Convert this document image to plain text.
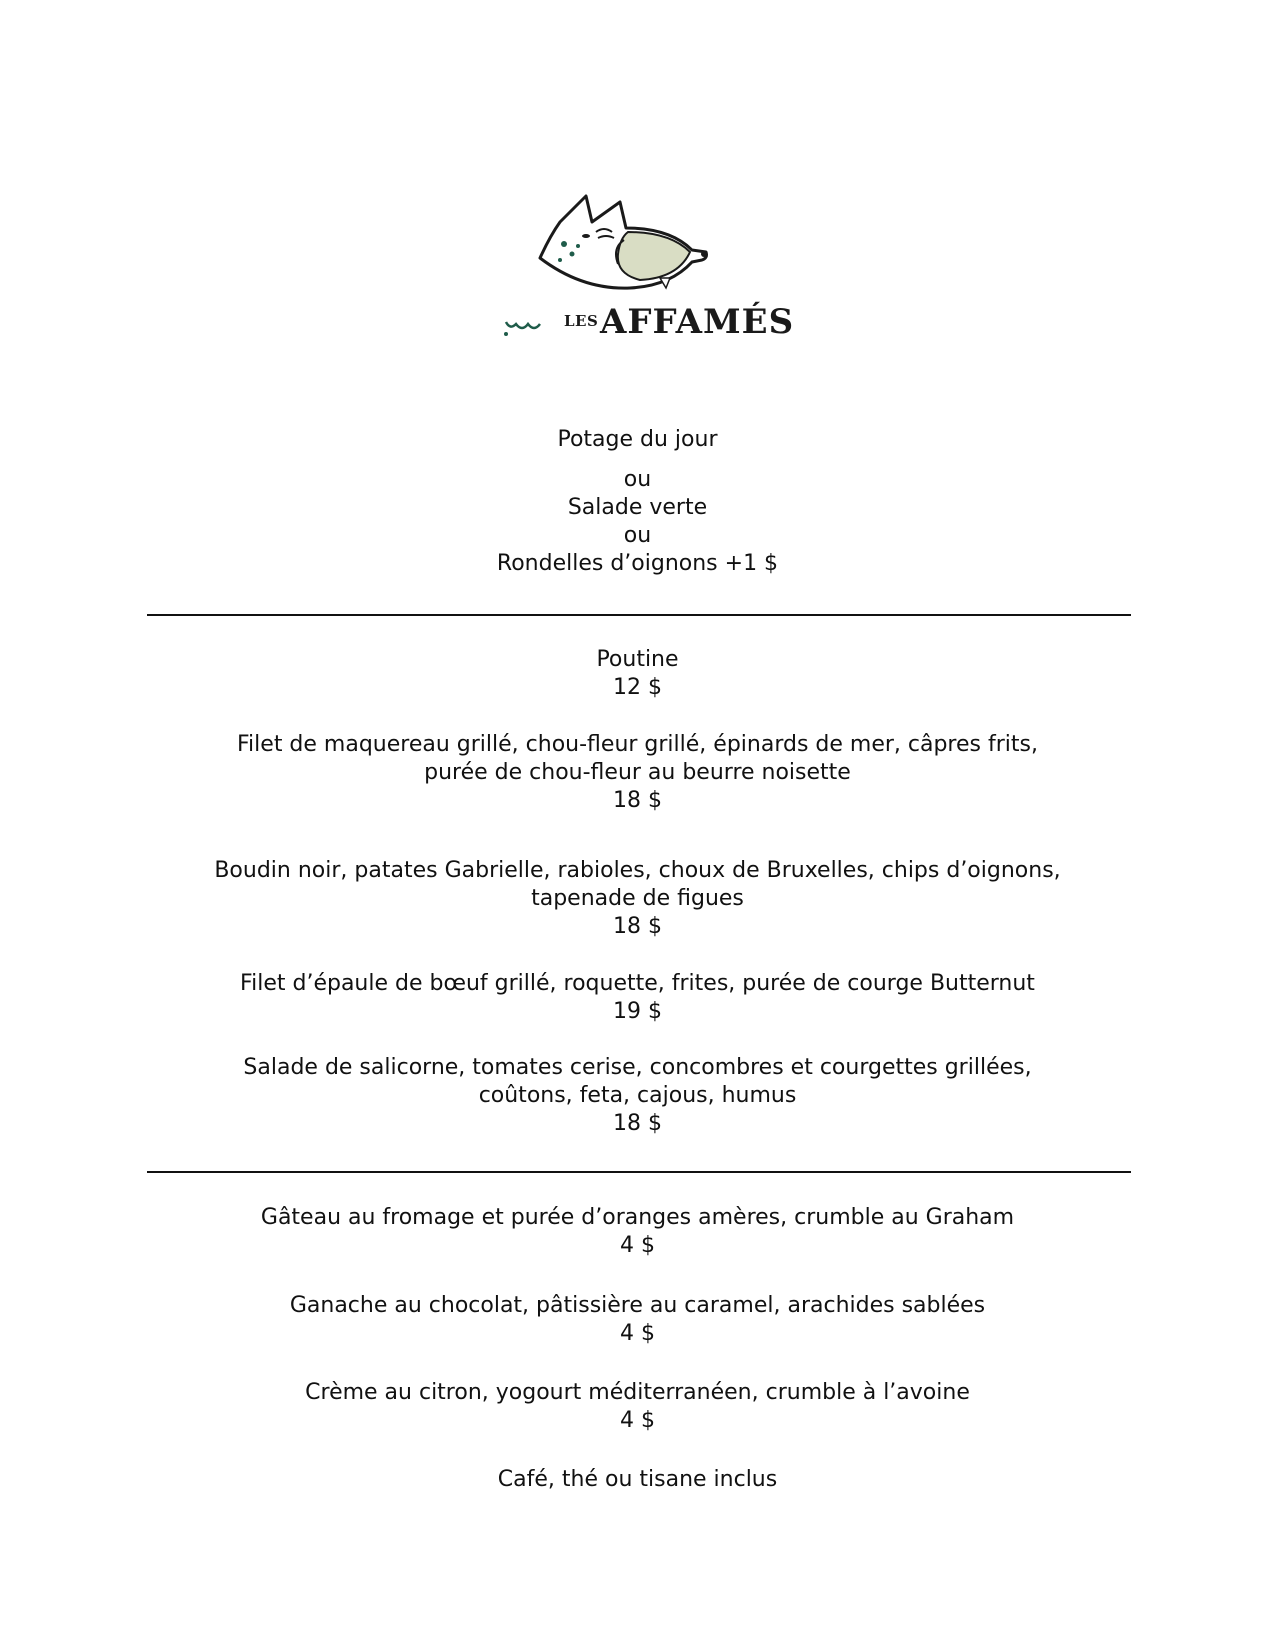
LES AFFAMÉS
Potage du jour
ou
Salade verte
ou
Rondelles d’oignons +1 $
Poutine
12 $
Filet de maquereau grillé, chou-fleur grillé, épinards de mer, câpres frits,
purée de chou-fleur au beurre noisette
18 $
Boudin noir, patates Gabrielle, rabioles, choux de Bruxelles, chips d’oignons,
tapenade de figues
18 $
Filet d’épaule de bœuf grillé, roquette, frites, purée de courge Butternut
19 $
Salade de salicorne, tomates cerise, concombres et courgettes grillées,
coûtons, feta, cajous, humus
18 $
Gâteau au fromage et purée d’oranges amères, crumble au Graham
4 $
Ganache au chocolat, pâtissière au caramel, arachides sablées
4 $
Crème au citron, yogourt méditerranéen, crumble à l’avoine
4 $
Café, thé ou tisane inclus
